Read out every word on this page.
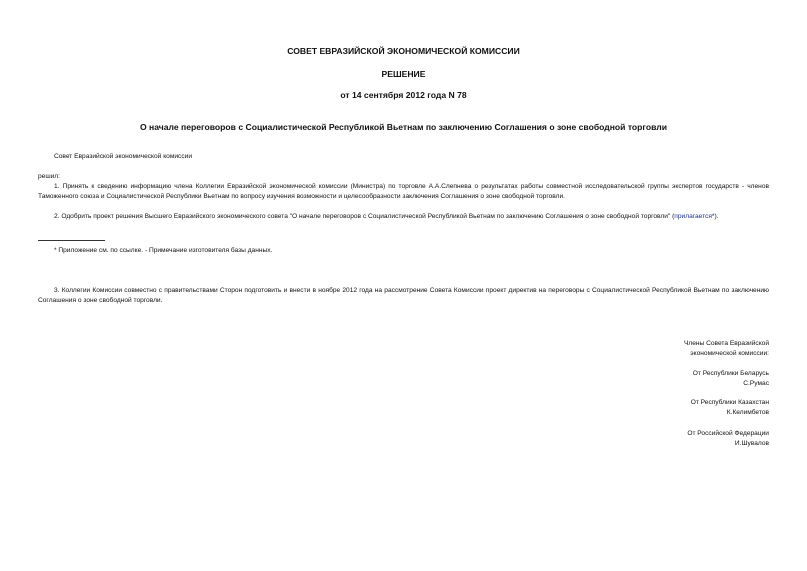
СОВЕТ ЕВРАЗИЙСКОЙ ЭКОНОМИЧЕСКОЙ КОМИССИИ
РЕШЕНИЕ
от 14 сентября 2012 года N 78
О начале переговоров с Социалистической Республикой Вьетнам по заключению Соглашения о зоне свободной торговли
Совет Евразийской экономической комиссии
решил:
1. Принять к сведению информацию члена Коллегии Евразийской экономической комиссии (Министра) по торговле А.А.Слепнева о результатах работы совместной исследовательской группы экспертов государств - членов Таможенного союза и Социалистической Республики Вьетнам по вопросу изучения возможности и целесообразности заключения Соглашения о зоне свободной торговли.
2. Одобрить проект решения Высшего Евразийского экономического совета "О начале переговоров с Социалистической Республикой Вьетнам по заключению Соглашения о зоне свободной торговли" (прилагается*).
* Приложение см. по ссылке. - Примечание изготовителя базы данных.
3. Коллегии Комиссии совместно с правительствами Сторон подготовить и внести в ноябре 2012 года на рассмотрение Совета Комиссии проект директив на переговоры с Социалистической Республикой Вьетнам по заключению Соглашения о зоне свободной торговли.
Члены Совета Евразийской
экономической комиссии:
От Республики Беларусь
С.Румас
От Республики Казахстан
К.Келимбетов
От Российской Федерации
И.Шувалов
